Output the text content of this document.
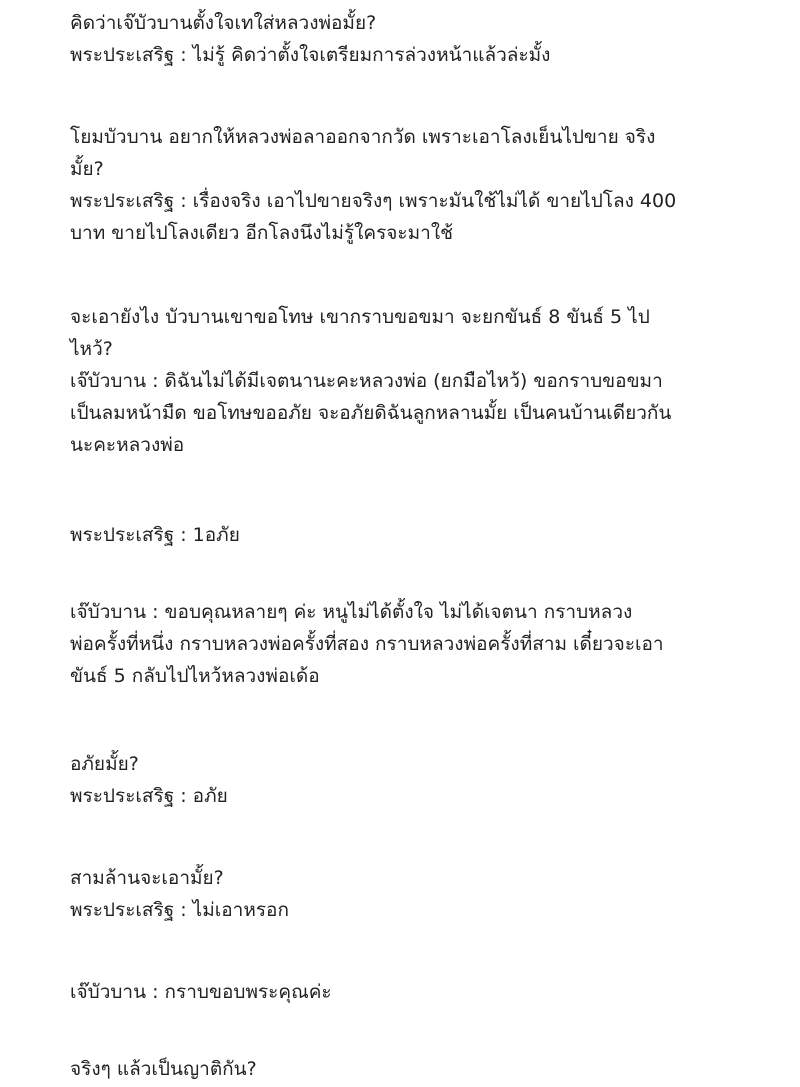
คิดว่าเจ๊บัวบานตั้งใจเทใส่หลวงพ่อมั้ย?
พระประเสริฐ : ไม่รู้ คิดว่าตั้งใจเตรียมการล่วงหน้าแล้วล่ะมั้ง
โยมบัวบาน อยากให้หลวงพ่อลาออกจากวัด เพราะเอาโลงเย็นไปขาย จริง
มั้ย?
พระประเสริฐ : เรื่องจริง เอาไปขายจริงๆ เพราะมันใช้ไม่ได้ ขายไปโลง 400
บาท ขายไปโลงเดียว อีกโลงนึงไม่รู้ใครจะมาใช้
จะเอายังไง บัวบานเขาขอโทษ เขากราบขอขมา จะยกขันธ์ 8 ขันธ์ 5 ไป
ไหว้?
เจ๊บัวบาน : ดิฉันไม่ได้มีเจตนานะคะหลวงพ่อ (ยกมือไหว้) ขอกราบขอขมา
เป็นลมหน้ามืด ขอโทษขออภัย จะอภัยดิฉันลูกหลานมั้ย เป็นคนบ้านเดียวกัน
นะคะหลวงพ่อ
พระประเสริฐ : 1อภัย
เจ๊บัวบาน : ขอบคุณหลายๆ ค่ะ หนูไม่ได้ตั้งใจ ไม่ได้เจตนา กราบหลวง
พ่อครั้งที่หนึ่ง กราบหลวงพ่อครั้งที่สอง กราบหลวงพ่อครั้งที่สาม เดี๋ยวจะเอา
ขันธ์ 5 กลับไปไหว้หลวงพ่อเด้อ
อภัยมั้ย?
พระประเสริฐ : อภัย
สามล้านจะเอามั้ย?
พระประเสริฐ : ไม่เอาหรอก
เจ๊บัวบาน : กราบขอบพระคุณค่ะ
จริงๆ แล้วเป็นญาติกัน?
